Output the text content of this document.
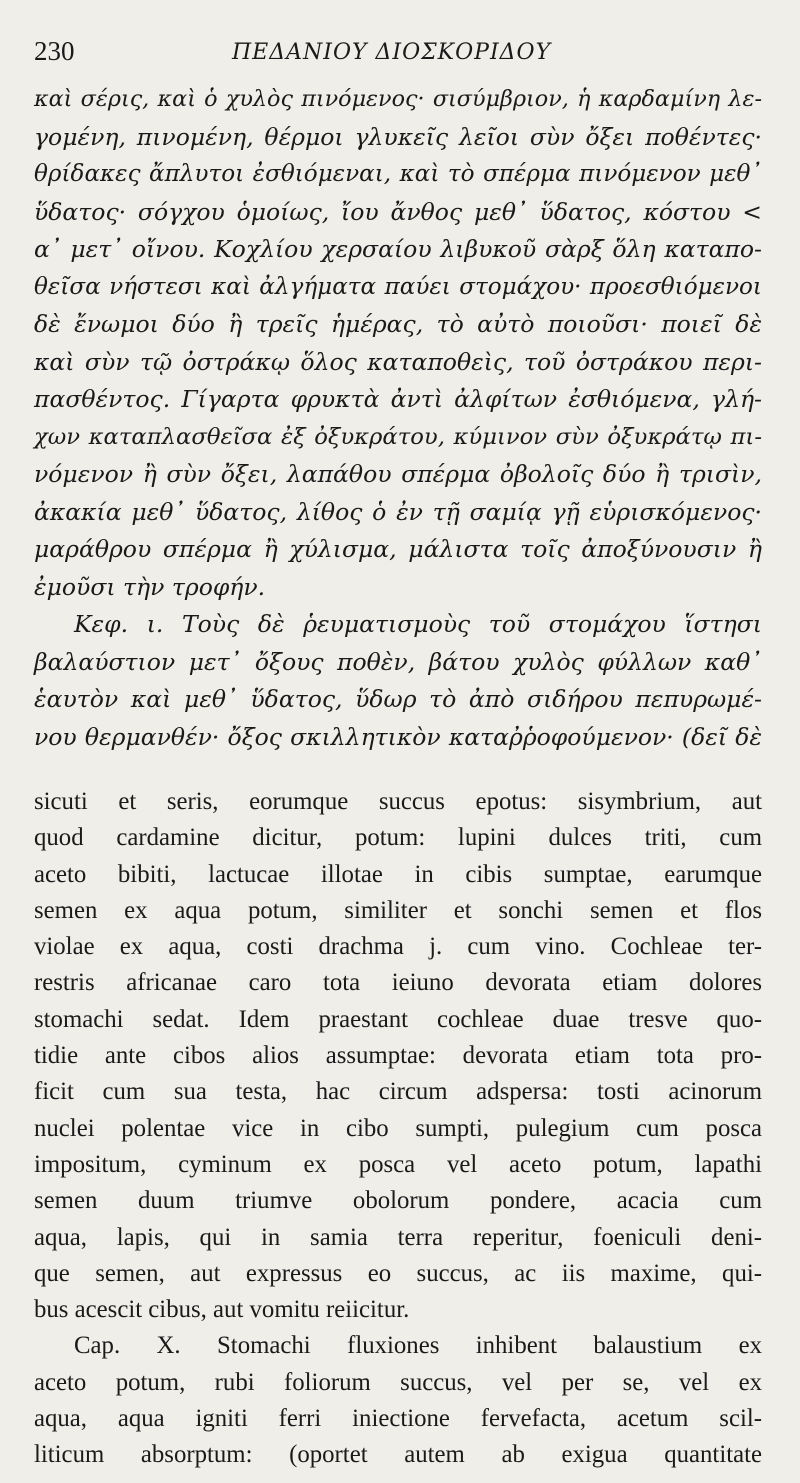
230	ΠΕΔΑΝΙΟΥ ΔΙΟΣΚΟΡΙΔΟΥ
καὶ σέρις, καὶ ὁ χυλὸς πινόμενος· σισύμβριον, ἡ καρδαμίνη λε-
γομένη, πινομένη, θέρμοι γλυκεῖς λεῖοι σὺν ὄξει ποθέντες·
θρίδακες ἄπλυτοι ἐσθιόμεναι, καὶ τὸ σπέρμα πινόμενον μεθ᾽
ὕδατος· σόγχου ὁμοίως, ἴου ἄνθος μεθ᾽ ὕδατος, κόστου <
α᾽ μετ᾽ οἴνου. Κοχλίου χερσαίου λιβυκοῦ σὰρξ ὅλη καταπο-
θεῖσα νήστεσι καὶ ἀλγήματα παύει στομάχου· προεσθιόμενοι
δὲ ἔνωμοι δύο ἢ τρεῖς ἡμέρας, τὸ αὐτὸ ποιοῦσι· ποιεῖ δὲ
καὶ σὺν τῷ ὀστράκῳ ὅλος καταποθεὶς, τοῦ ὀστράκου περι-
πασθέντος. Γίγαρτα φρυκτὰ ἀντὶ ἀλφίτων ἐσθιόμενα, γλή-
χων καταπλασθεῖσα ἐξ ὀξυκράτου, κύμινον σὺν ὀξυκράτῳ πι-
νόμενον ἢ σὺν ὄξει, λαπάθου σπέρμα ὀβολοῖς δύο ἢ τρισὶν,
ἀκακία μεθ᾽ ὕδατος, λίθος ὁ ἐν τῇ σαμίᾳ γῇ εὑρισκόμενος·
μαράθρου σπέρμα ἢ χύλισμα, μάλιστα τοῖς ἀποξύνουσιν ἢ
ἐμοῦσι τὴν τροφήν.
Κεφ. ι. Τοὺς δὲ ῥευματισμοὺς τοῦ στομάχου ἵστησι
βαλαύστιον μετ᾽ ὄξους ποθὲν, βάτου χυλὸς φύλλων καθ᾽
ἑαυτὸν καὶ μεθ᾽ ὕδατος, ὕδωρ τὸ ἀπὸ σιδήρου πεπυρωμέ-
νου θερμανθέν· ὄξος σκιλλητικὸν καταῤῥοφούμενον· (δεῖ δὲ
sicuti et seris, eorumque succus epotus: sisymbrium, aut
quod cardamine dicitur, potum: lupini dulces triti, cum
aceto bibiti, lactucae illotae in cibis sumptae, earumque
semen ex aqua potum, similiter et sonchi semen et flos
violae ex aqua, costi drachma j. cum vino. Cochleae ter-
restris africanae caro tota ieiuno devorata etiam dolores
stomachi sedat. Idem praestant cochleae duae tresve quo-
tidie ante cibos alios assumptae: devorata etiam tota pro-
ficit cum sua testa, hac circum adspersa: tosti acinorum
nuclei polentae vice in cibo sumpti, pulegium cum posca
impositum, cyminum ex posca vel aceto potum, lapathi
semen duum triumve obolorum pondere, acacia cum
aqua, lapis, qui in samia terra reperitur, foeniculi deni-
que semen, aut expressus eo succus, ac iis maxime, qui-
bus acescit cibus, aut vomitu reiicitur.
Cap. X. Stomachi fluxiones inhibent balaustium ex
aceto potum, rubi foliorum succus, vel per se, vel ex
aqua, aqua igniti ferri iniectione fervefacta, acetum scil-
liticum absorptum: (oportet autem ab exigua quantitate
